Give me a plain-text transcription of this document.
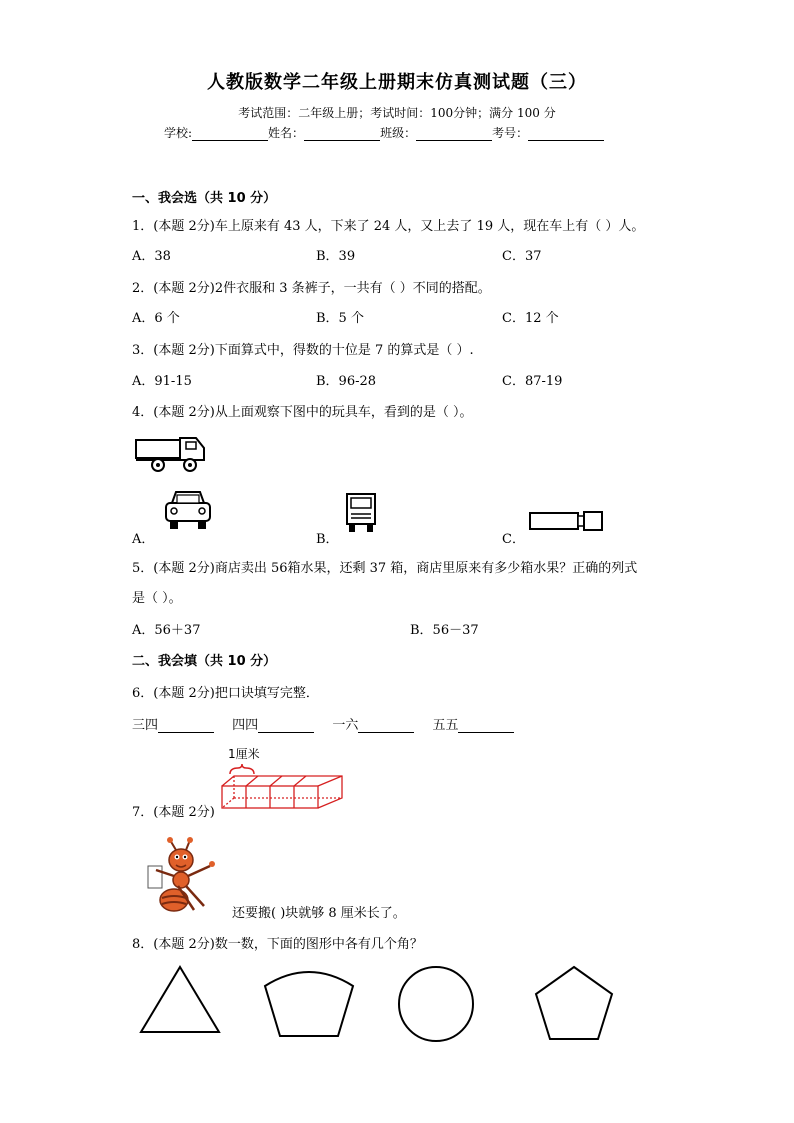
人教版数学二年级上册期末仿真测试题（三）
考试范围：二年级上册；考试时间：100分钟；满分 100 分
学校:	姓名：	班级：	考号：
一、我会选（共 10 分）
1．(本题 2分)车上原来有 43 人，下来了 24 人，又上去了 19 人，现在车上有（ ）人。
A．38	B．39	C．37
2．(本题 2分)2件衣服和 3 条裤子，一共有（ ）不同的搭配。
A．6 个	B．5 个	C．12 个
3．(本题 2分)下面算式中，得数的十位是 7 的算式是（ ）.
A．91-15	B．96-28	C．87-19
4．(本题 2分)从上面观察下图中的玩具车，看到的是（ ）。
A．	B．	C．
5．(本题 2分)商店卖出 56箱水果，还剩 37 箱，商店里原来有多少箱水果？正确的列式
是（ ）。
A．56＋37	B．56－37
二、我会填（共 10 分）
6．(本题 2分)把口诀填写完整．
三四	四四	一六	五五
1厘米
7．(本题 2分)
还要搬( )块就够 8 厘米长了。
8．(本题 2分)数一数，下面的图形中各有几个角？
